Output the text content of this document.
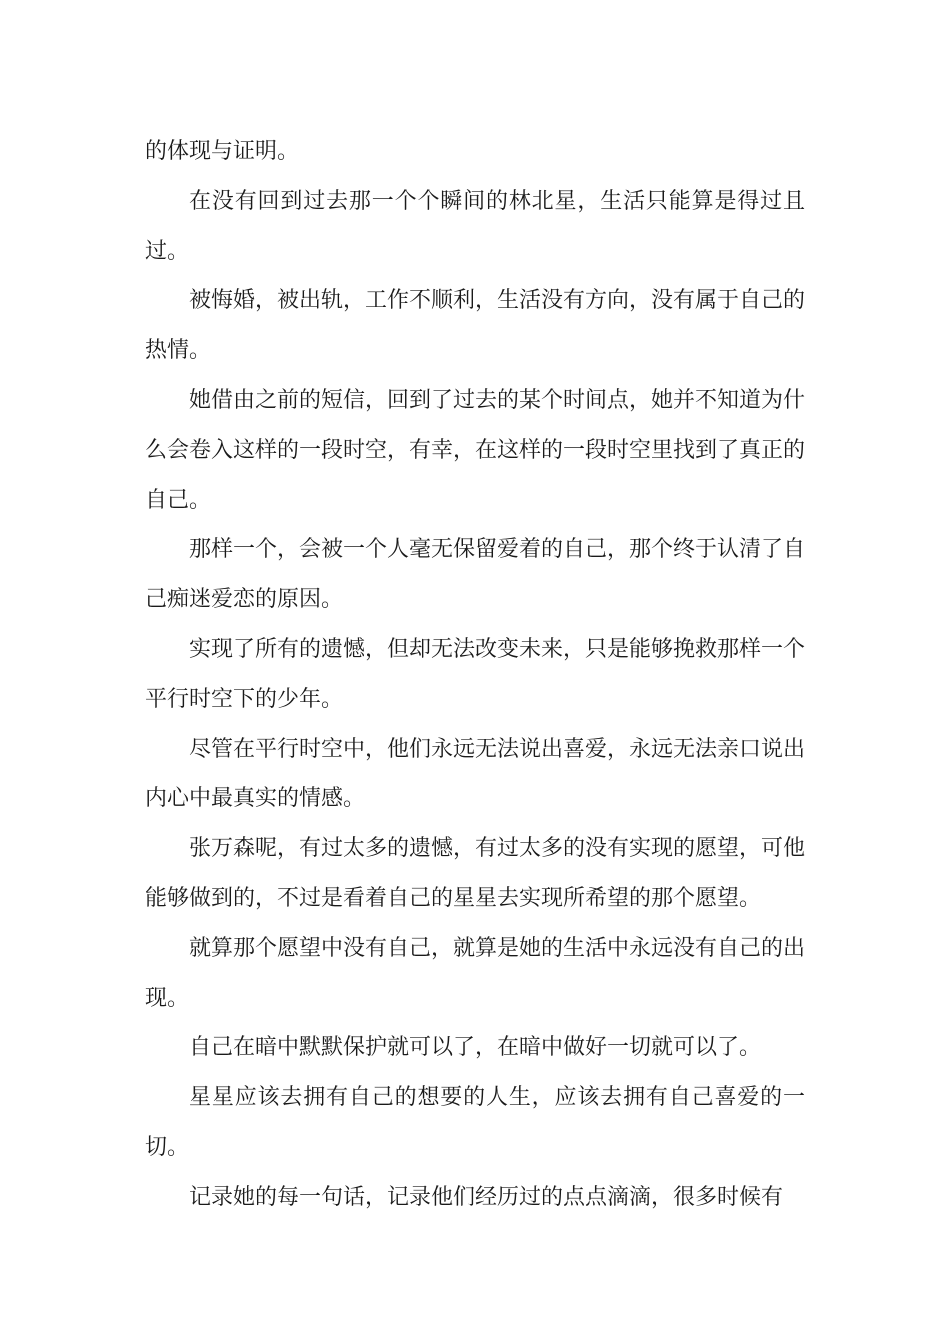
的体现与证明。

在没有回到过去那一个个瞬间的林北星，生活只能算是得过且过。

被悔婚，被出轨，工作不顺利，生活没有方向，没有属于自己的热情。

她借由之前的短信，回到了过去的某个时间点，她并不知道为什么会卷入这样的一段时空，有幸，在这样的一段时空里找到了真正的自己。

那样一个，会被一个人毫无保留爱着的自己，那个终于认清了自己痴迷爱恋的原因。

实现了所有的遗憾，但却无法改变未来，只是能够挽救那样一个平行时空下的少年。

尽管在平行时空中，他们永远无法说出喜爱，永远无法亲口说出内心中最真实的情感。

张万森呢，有过太多的遗憾，有过太多的没有实现的愿望，可他能够做到的，不过是看着自己的星星去实现所希望的那个愿望。

就算那个愿望中没有自己，就算是她的生活中永远没有自己的出现。

自己在暗中默默保护就可以了，在暗中做好一切就可以了。

星星应该去拥有自己的想要的人生，应该去拥有自己喜爱的一切。

记录她的每一句话，记录他们经历过的点点滴滴，很多时候有
